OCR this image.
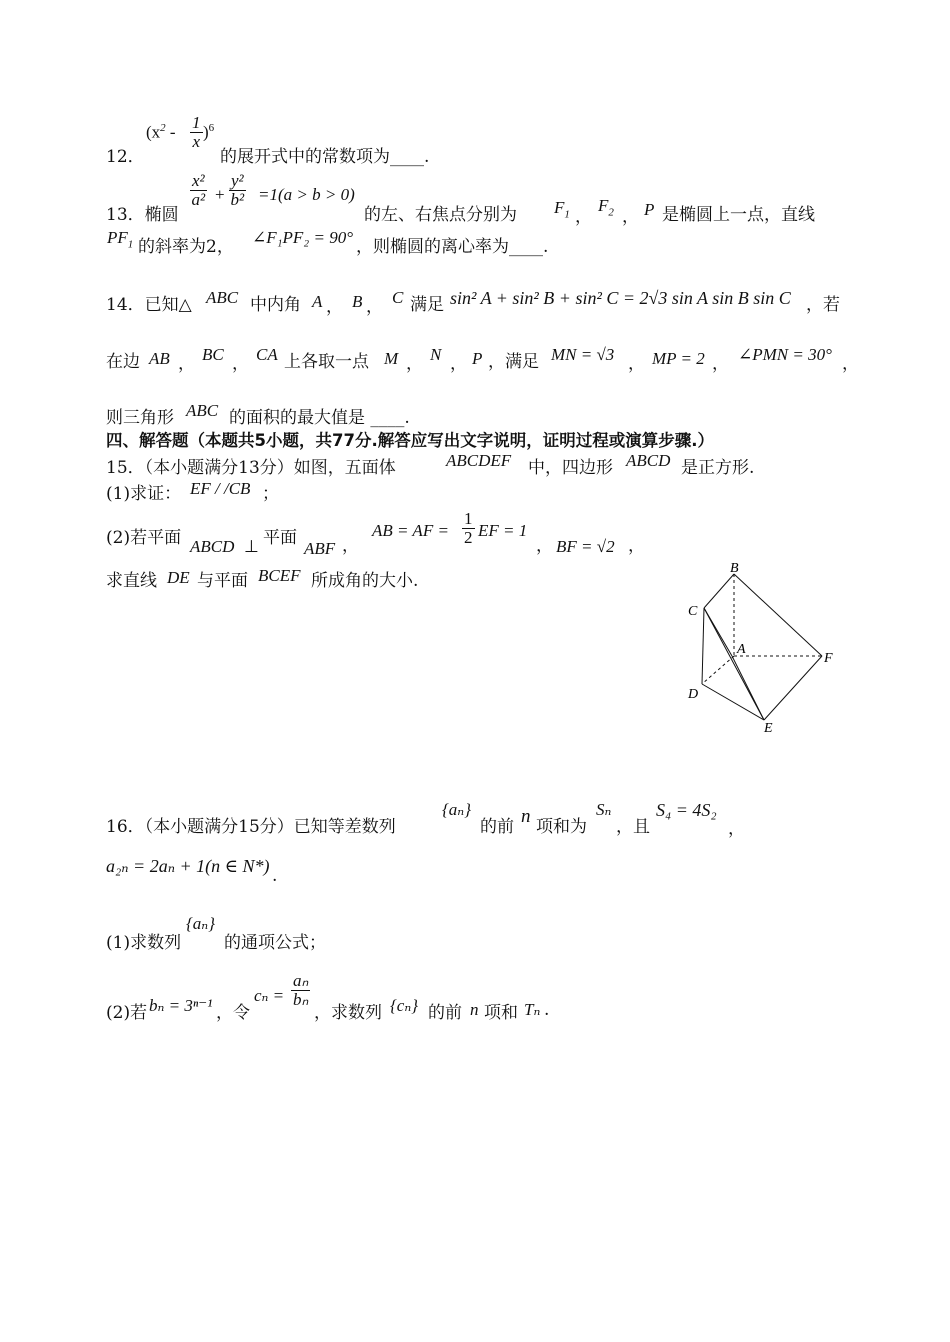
$(x^2 - \frac{1}{x} )^6$
12．	的展开式中的常数项为____.
13．椭圆
$\frac{\text{x²}}{\text{a²}} + \frac{\text{y²}}{\text{b²}} =1(a > b > 0)$
的左、右焦点分别为 $F_1$ ，
$F_2$ ， P 是椭圆上一点，直线
$PF_1$ 的斜率为2， ∠F₁PF₂ = 90° ，则椭圆的离心率为____.
14．已知△ ABC 中内角 A ， B ， C 满足 sin² A + sin² B + sin² C = 2√3 sin A sin B sin C ，若
在边 AB ， BC ， CA 上各取一点 M ， N ， P ，满足 MN = √3 ， MP = 2 ， ∠PMN = 30° ，
则三角形 ABC 的面积的最大值是 ____.
四、解答题（本题共5小题，共77分.解答应写出文字说明，证明过程或演算步骤.）
15．（本小题满分13分）如图，五面体	ABCDEF 中，四边形 ABCD 是正方形.
(1)求证： EF / /CB ；
(2)若平面 ABCD ⊥ 平面
ABF ，
AB = AF = $\frac{1}{2}$ EF = 1
， BF = √2 ，
求直线 DE 与平面 BCEF 所成角的大小.
B
C
A
F
D
E
16．（本小题满分15分）已知等差数列
{aₙ}
的前 n 项和为
Sₙ
，且
S₄ = 4S₂
，
a₂ₙ = 2aₙ + 1(n ∈ N*) .
(1)求数列
{aₙ}
的通项公式；
(2)若 bₙ = 3ⁿ⁻¹ ，令
$c_n = \frac{\text{aₙ}}{\text{bₙ}}$
，求数列 {cₙ} 的前 n 项和 Tₙ .
